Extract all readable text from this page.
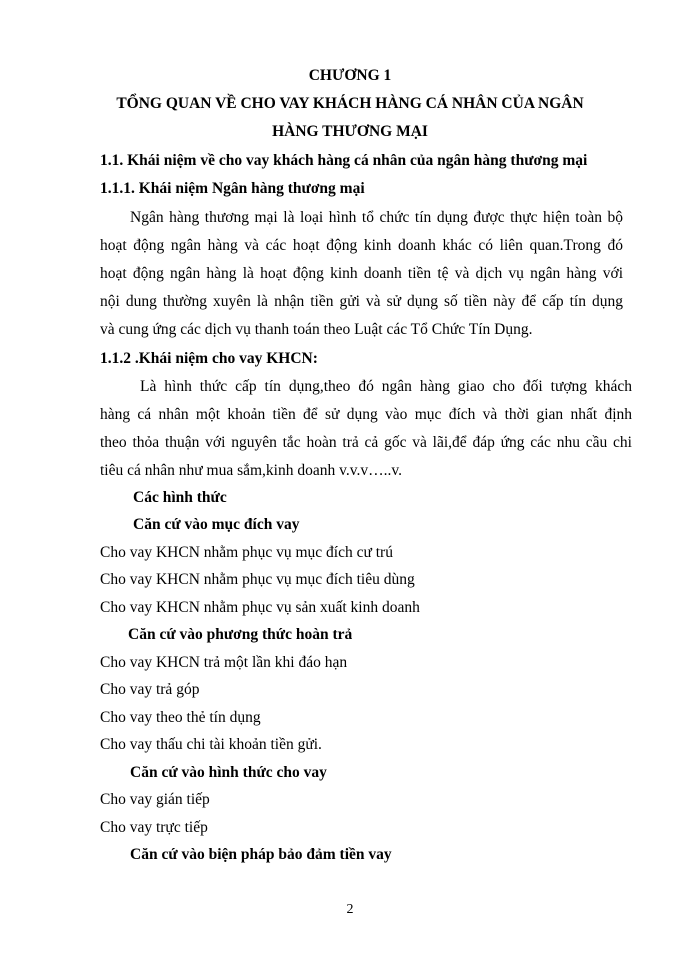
CHƯƠNG 1
TỔNG QUAN VỀ CHO VAY KHÁCH HÀNG CÁ NHÂN CỦA NGÂN
HÀNG THƯƠNG MẠI
1.1. Khái niệm về cho vay khách hàng cá nhân của ngân hàng thương mại
1.1.1. Khái niệm Ngân hàng thương mại
Ngân hàng thương mại là loại hình tổ chức tín dụng được thực hiện toàn bộ
hoạt động ngân hàng và các hoạt động kinh doanh khác có liên quan.Trong đó
hoạt động ngân hàng là hoạt động kinh doanh tiền tệ và dịch vụ ngân hàng với
nội dung thường xuyên là nhận tiền gửi và sử dụng số tiền này để cấp tín dụng
và cung ứng các dịch vụ thanh toán theo Luật các Tổ Chức Tín Dụng.
1.1.2 .Khái niệm cho vay KHCN:
Là hình thức cấp tín dụng,theo đó ngân hàng giao cho đối tượng khách
hàng cá nhân một khoản tiền để sử dụng vào mục đích và thời gian nhất định
theo thỏa thuận với nguyên tắc hoàn trả cả gốc và lãi,để đáp ứng các nhu cầu chi
tiêu cá nhân như mua sắm,kinh doanh v.v.v…..v.
Các hình thức
Căn cứ vào mục đích vay
Cho vay KHCN nhằm phục vụ mục đích cư trú
Cho vay KHCN nhằm phục vụ mục đích tiêu dùng
Cho vay KHCN nhằm phục vụ sản xuất kinh doanh
Căn cứ vào phương thức hoàn trả
Cho vay KHCN trả một lần khi đáo hạn
Cho vay trả góp
Cho vay theo thẻ tín dụng
Cho vay thấu chi tài khoản tiền gửi.
Căn cứ vào hình thức cho vay
Cho vay gián tiếp
Cho vay trực tiếp
Căn cứ vào biện pháp bảo đảm tiền vay
2
